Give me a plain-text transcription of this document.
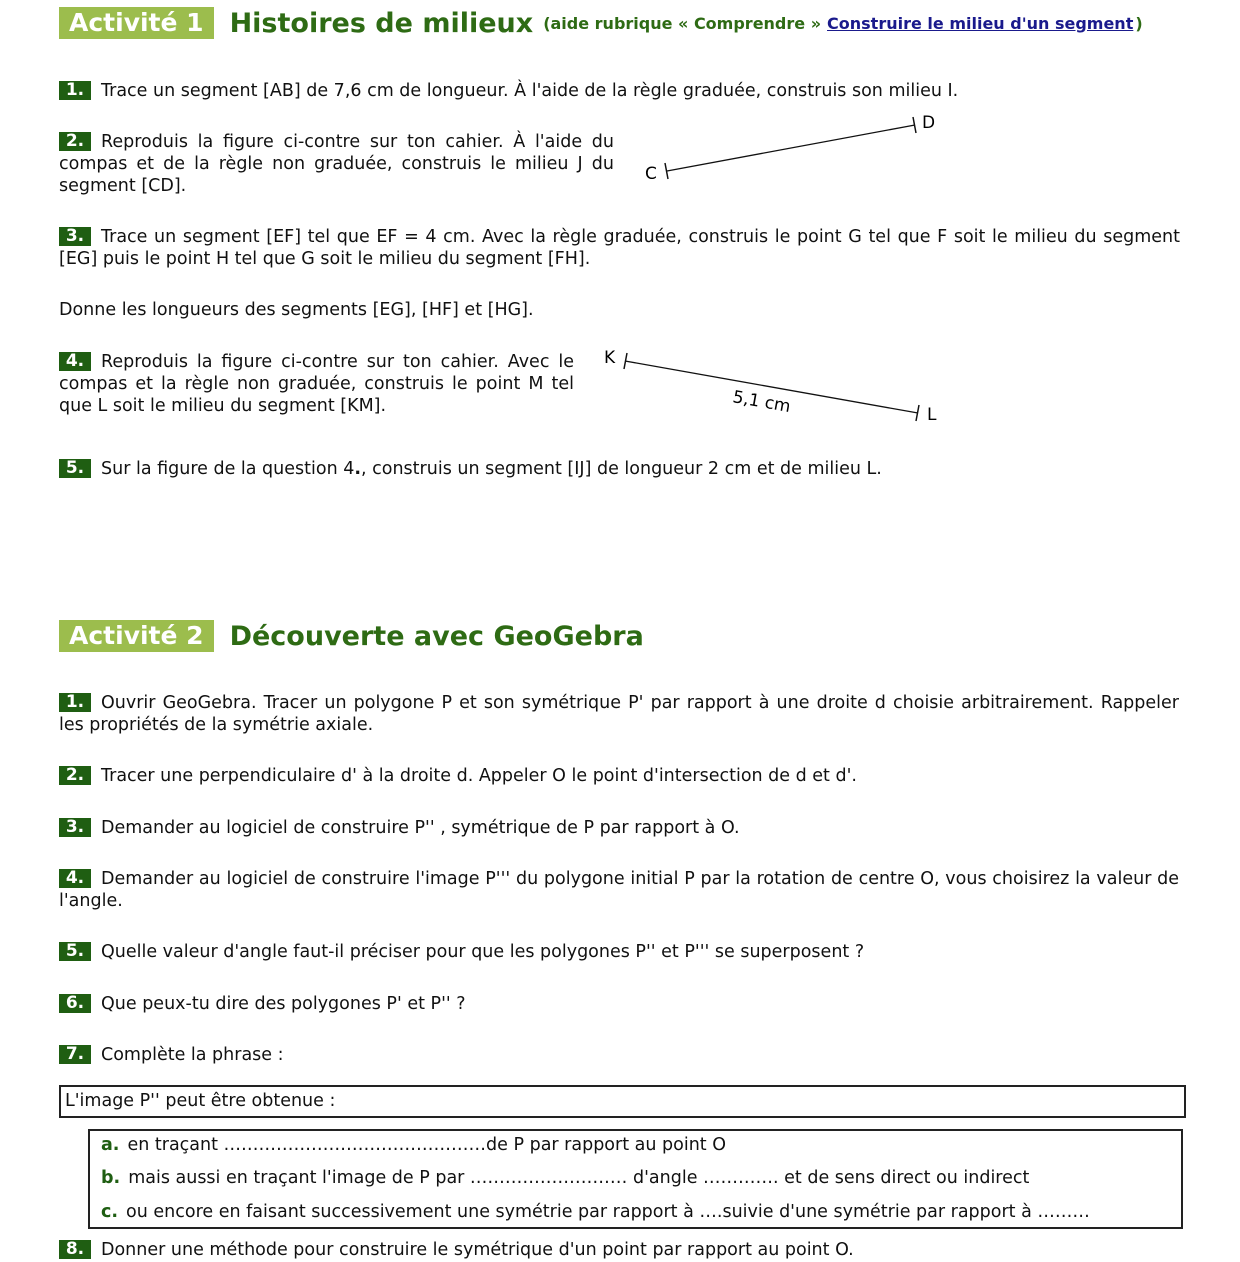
Activité 1 Histoires de milieux (aide rubrique « Comprendre » Construire le milieu d'un segment )
1. Trace un segment [AB] de 7,6 cm de longueur. À l'aide de la règle graduée, construis son milieu I.
2. Reproduis la figure ci-contre sur ton cahier. À l'aide du compas et de la règle non graduée, construis le milieu J du segment [CD].
C
D
3. Trace un segment [EF] tel que EF = 4 cm. Avec la règle graduée, construis le point G tel que F soit le milieu du segment [EG] puis le point H tel que G soit le milieu du segment [FH].
Donne les longueurs des segments [EG], [HF] et [HG].
4. Reproduis la figure ci-contre sur ton cahier. Avec le compas et la règle non graduée, construis le point M tel que L soit le milieu du segment [KM].
K
L
5,1 cm
5. Sur la figure de la question 4., construis un segment [IJ] de longueur 2 cm et de milieu L.
Activité 2 Découverte avec GeoGebra
1. Ouvrir GeoGebra. Tracer un polygone P et son symétrique P' par rapport à une droite d choisie arbitrairement. Rappeler les propriétés de la symétrie axiale.
2. Tracer une perpendiculaire d' à la droite d. Appeler O le point d'intersection de d et d'.
3. Demander au logiciel de construire P'' , symétrique de P par rapport à O.
4. Demander au logiciel de construire l'image P''' du polygone initial P par la rotation de centre O, vous choisirez la valeur de l'angle.
5. Quelle valeur d'angle faut-il préciser pour que les polygones P'' et P''' se superposent ?
6. Que peux-tu dire des polygones P' et P'' ?
7. Complète la phrase :
L'image P'' peut être obtenue :
a. en traçant ………………………………………de P par rapport au point O
b. mais aussi en traçant l'image de P par ……………………… d'angle …………. et de sens direct ou indirect
c. ou encore en faisant successivement une symétrie par rapport à ….suivie d'une symétrie par rapport à ………
8. Donner une méthode pour construire le symétrique d'un point par rapport au point O.
